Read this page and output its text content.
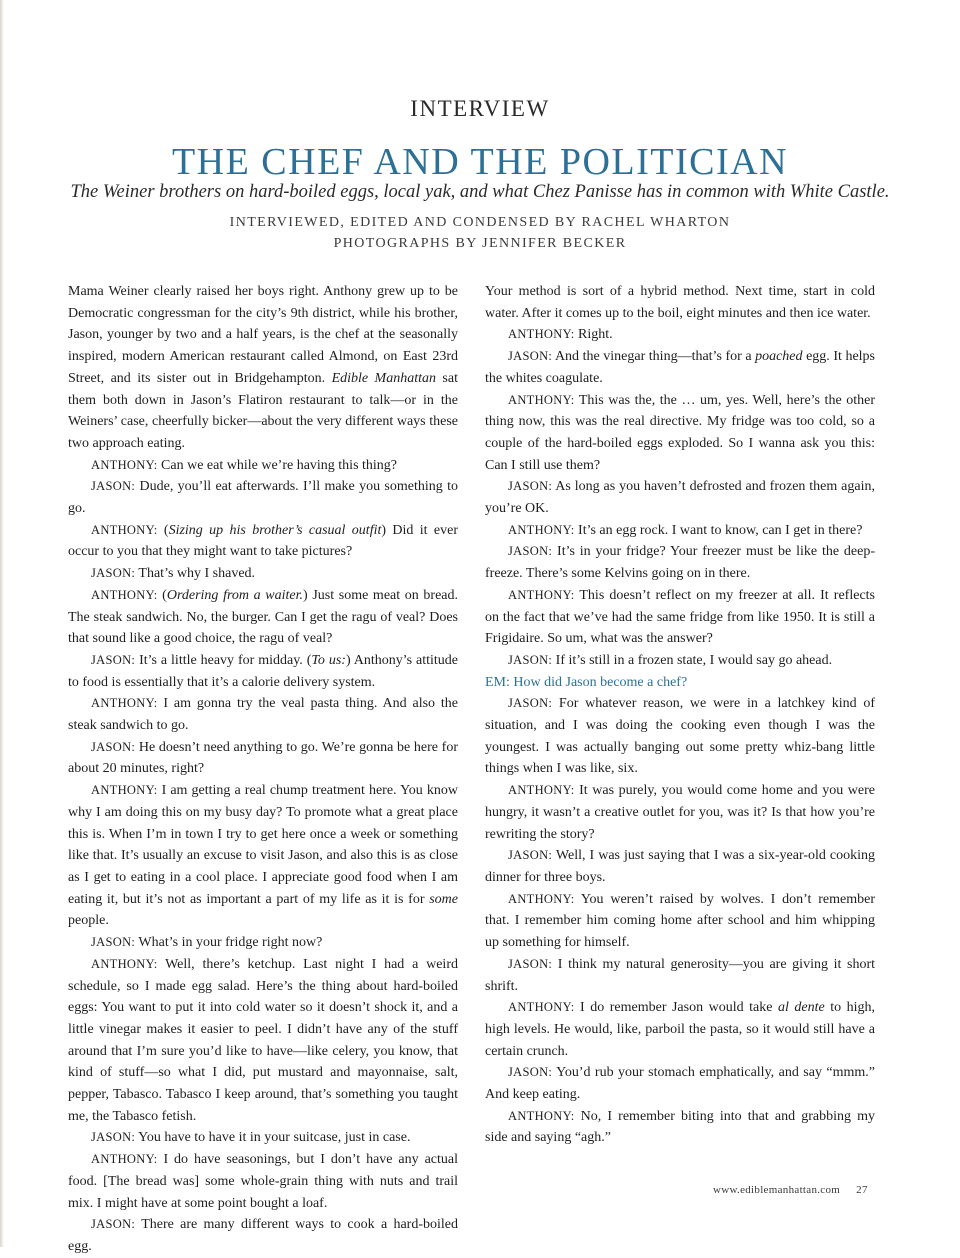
INTERVIEW
THE CHEF AND THE POLITICIAN
The Weiner brothers on hard-boiled eggs, local yak, and what Chez Panisse has in common with White Castle.
INTERVIEWED, EDITED AND CONDENSED BY RACHEL WHARTON
PHOTOGRAPHS BY JENNIFER BECKER

Mama Weiner clearly raised her boys right. Anthony grew up to be Democratic congressman for the city’s 9th district, while his brother, Jason, younger by two and a half years, is the chef at the seasonally inspired, modern American restaurant called Almond, on East 23rd Street, and its sister out in Bridgehampton. Edible Manhattan sat them both down in Jason’s Flatiron restaurant to talk—or in the Weiners’ case, cheerfully bicker—about the very different ways these two approach eating.

ANTHONY: Can we eat while we’re having this thing?

JASON: Dude, you’ll eat afterwards. I’ll make you something to go.

ANTHONY: (Sizing up his brother’s casual outfit) Did it ever occur to you that they might want to take pictures?

JASON: That’s why I shaved.

ANTHONY: (Ordering from a waiter.) Just some meat on bread. The steak sandwich. No, the burger. Can I get the ragu of veal? Does that sound like a good choice, the ragu of veal?

JASON: It’s a little heavy for midday. (To us:) Anthony’s attitude to food is essentially that it’s a calorie delivery system.

ANTHONY: I am gonna try the veal pasta thing. And also the steak sandwich to go.

JASON: He doesn’t need anything to go. We’re gonna be here for about 20 minutes, right?

ANTHONY: I am getting a real chump treatment here. You know why I am doing this on my busy day? To promote what a great place this is. When I’m in town I try to get here once a week or something like that. It’s usually an excuse to visit Jason, and also this is as close as I get to eating in a cool place. I appreciate good food when I am eating it, but it’s not as important a part of my life as it is for some people.

JASON: What’s in your fridge right now?

ANTHONY: Well, there’s ketchup. Last night I had a weird schedule, so I made egg salad. Here’s the thing about hard-boiled eggs: You want to put it into cold water so it doesn’t shock it, and a little vinegar makes it easier to peel. I didn’t have any of the stuff around that I’m sure you’d like to have—like celery, you know, that kind of stuff—so what I did, put mustard and mayonnaise, salt, pepper, Tabasco. Tabasco I keep around, that’s something you taught me, the Tabasco fetish.

JASON: You have to have it in your suitcase, just in case.

ANTHONY: I do have seasonings, but I don’t have any actual food. [The bread was] some whole-grain thing with nuts and trail mix. I might have at some point bought a loaf.

JASON: There are many different ways to cook a hard-boiled egg.

Your method is sort of a hybrid method. Next time, start in cold water. After it comes up to the boil, eight minutes and then ice water.

ANTHONY: Right.

JASON: And the vinegar thing—that’s for a poached egg. It helps the whites coagulate.

ANTHONY: This was the, the … um, yes. Well, here’s the other thing now, this was the real directive. My fridge was too cold, so a couple of the hard-boiled eggs exploded. So I wanna ask you this: Can I still use them?

JASON: As long as you haven’t defrosted and frozen them again, you’re OK.

ANTHONY: It’s an egg rock. I want to know, can I get in there?

JASON: It’s in your fridge? Your freezer must be like the deep-freeze. There’s some Kelvins going on in there.

ANTHONY: This doesn’t reflect on my freezer at all. It reflects on the fact that we’ve had the same fridge from like 1950. It is still a Frigidaire. So um, what was the answer?

JASON: If it’s still in a frozen state, I would say go ahead.

EM: How did Jason become a chef?

JASON: For whatever reason, we were in a latchkey kind of situation, and I was doing the cooking even though I was the youngest. I was actually banging out some pretty whiz-bang little things when I was like, six.

ANTHONY: It was purely, you would come home and you were hungry, it wasn’t a creative outlet for you, was it? Is that how you’re rewriting the story?

JASON: Well, I was just saying that I was a six-year-old cooking dinner for three boys.

ANTHONY: You weren’t raised by wolves. I don’t remember that. I remember him coming home after school and him whipping up something for himself.

JASON: I think my natural generosity—you are giving it short shrift.

ANTHONY: I do remember Jason would take al dente to high, high levels. He would, like, parboil the pasta, so it would still have a certain crunch.

JASON: You’d rub your stomach emphatically, and say “mmm.” And keep eating.

ANTHONY: No, I remember biting into that and grabbing my side and saying “agh.”

www.ediblemanhattan.com 27
